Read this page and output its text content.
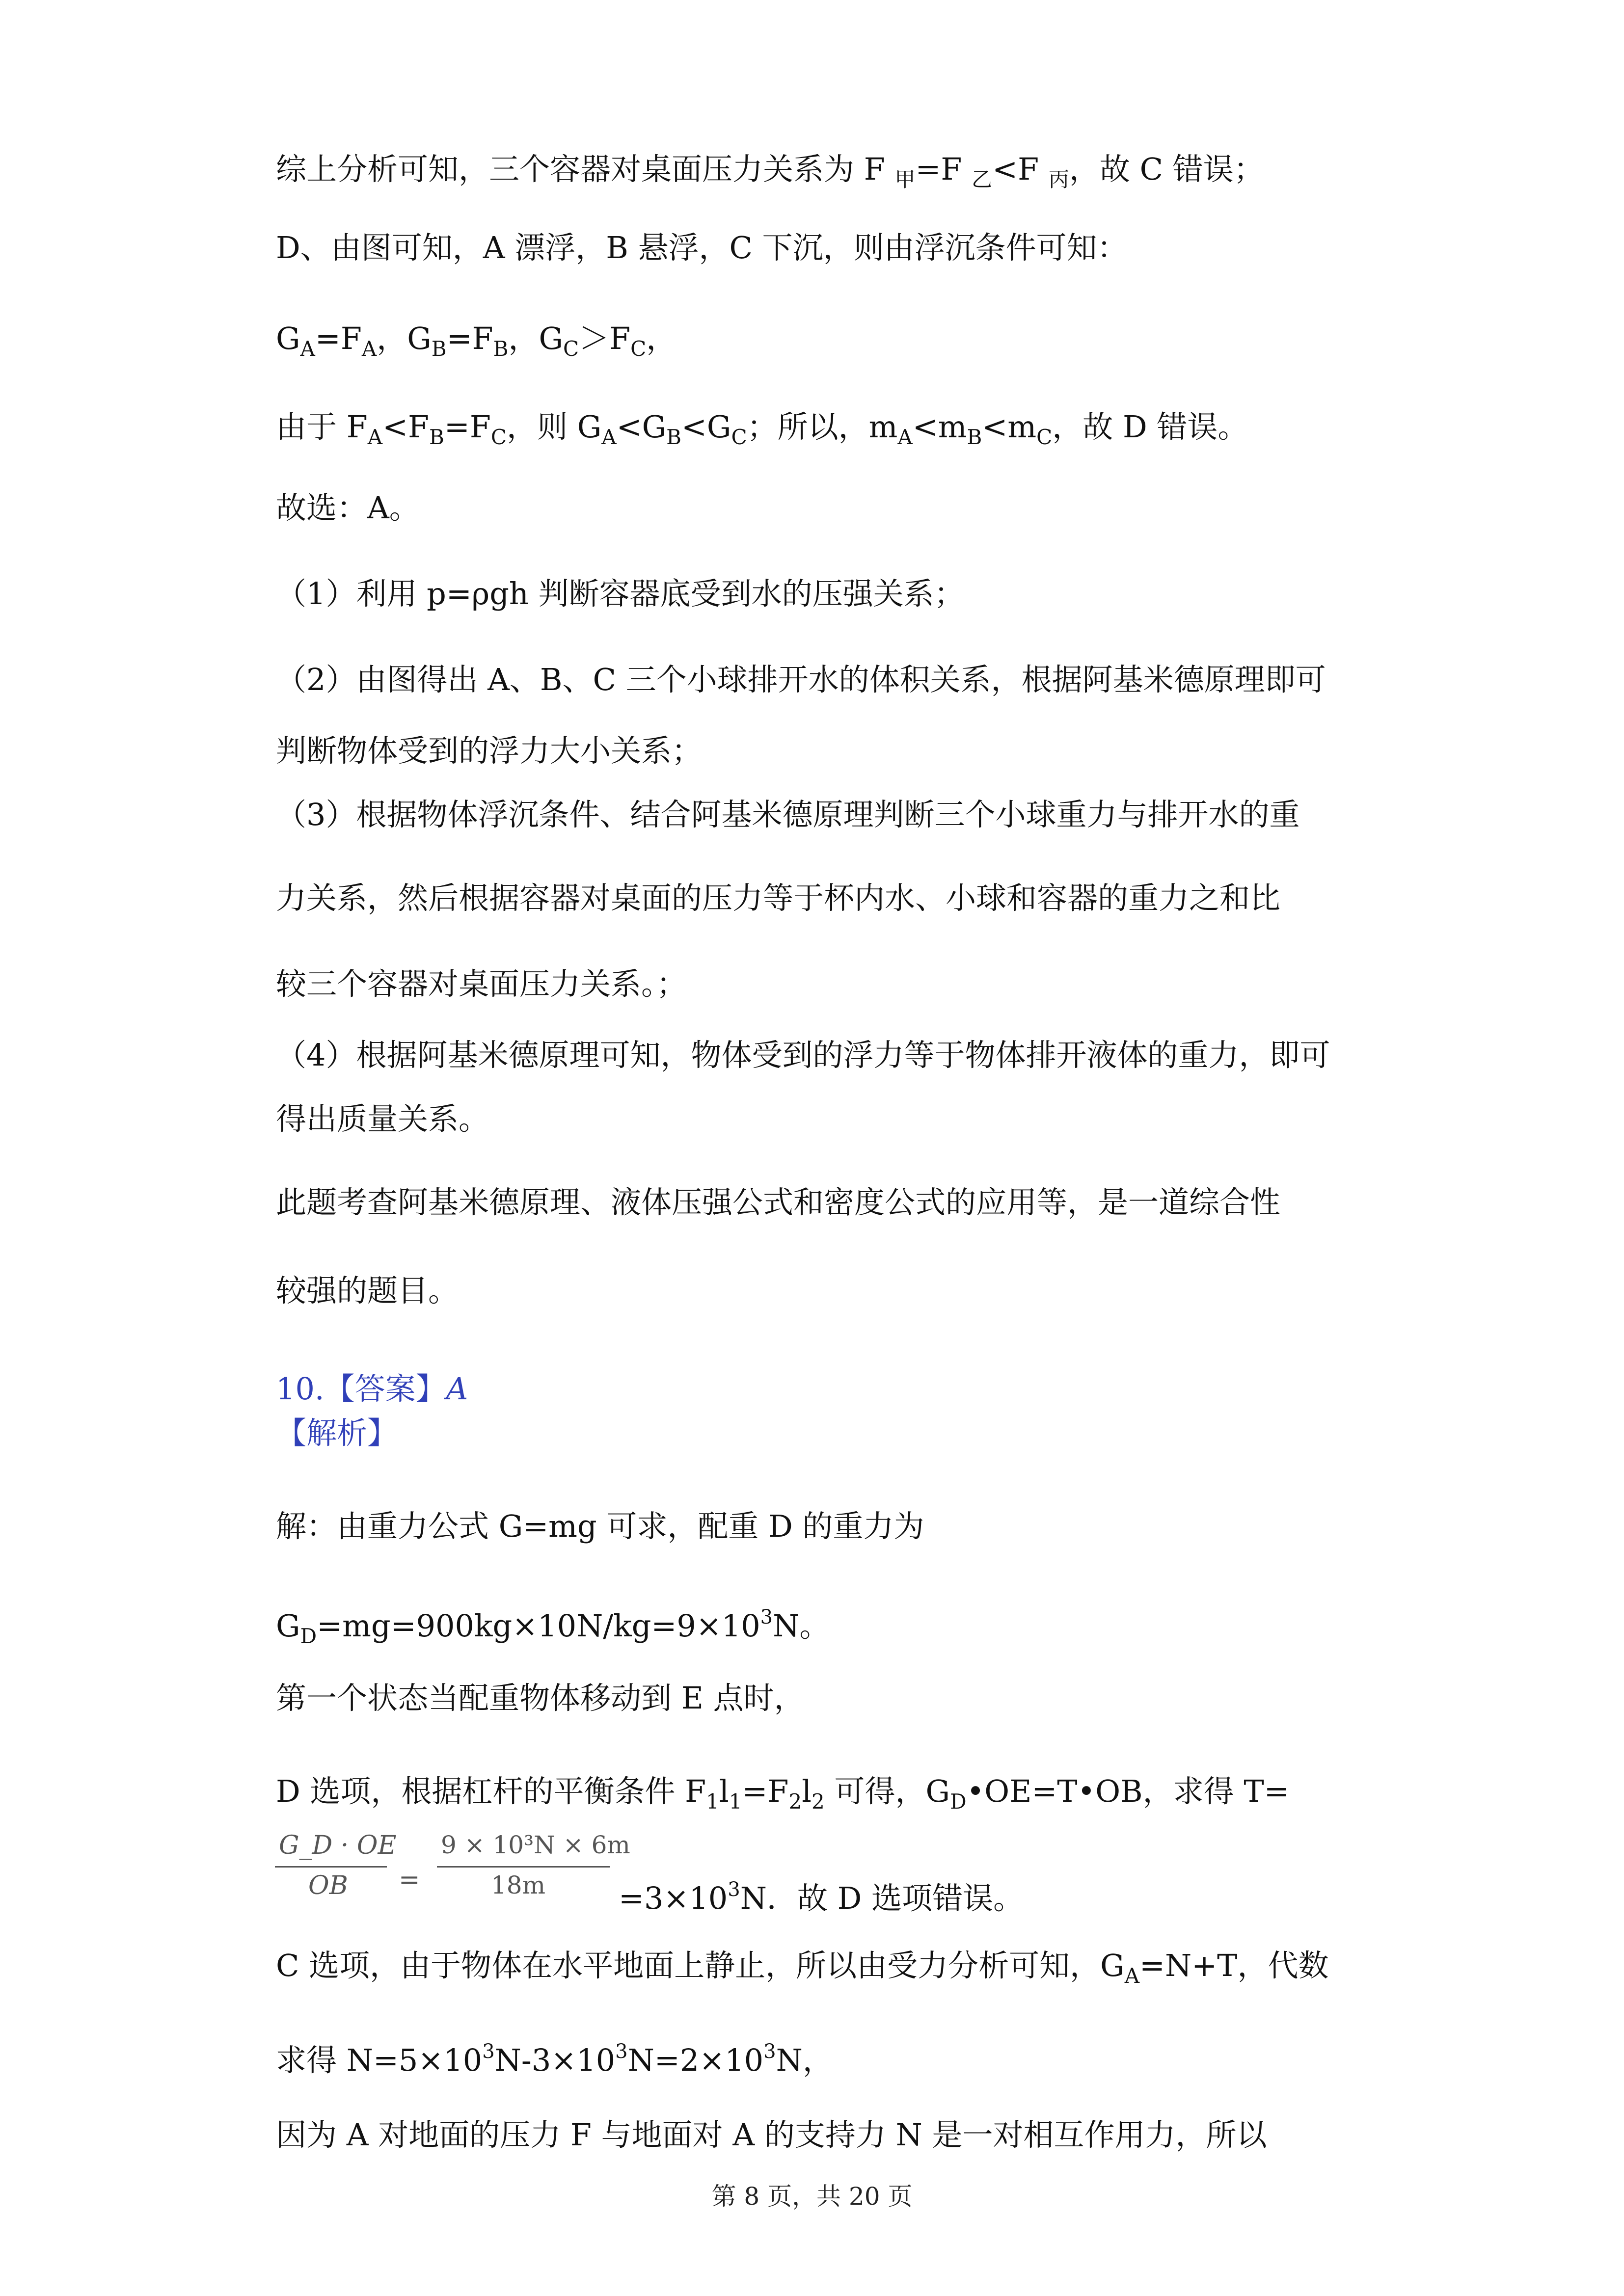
综上分析可知，三个容器对桌面压力关系为 F $_甲$=F $_乙$<F $_丙$，故 C 错误；
D、由图可知，A 漂浮，B 悬浮，C 下沉，则由浮沉条件可知：
$G_A=F_A$，$G_B=F_B$，$G_C>F_C$，
由于 $F_A<F_B=F_C$，则 $G_A<G_B<G_C$；所以，$m_A<m_B<m_C$，故 D 错误。
故选：A。
（1）利用 p=ρgh 判断容器底受到水的压强关系；
（2）由图得出 A、B、C 三个小球排开水的体积关系，根据阿基米德原理即可
判断物体受到的浮力大小关系；
（3）根据物体浮沉条件、结合阿基米德原理判断三个小球重力与排开水的重
力关系，然后根据容器对桌面的压力等于杯内水、小球和容器的重力之和比
较三个容器对桌面压力关系。；
（4）根据阿基米德原理可知，物体受到的浮力等于物体排开液体的重力，即可
得出质量关系。
此题考查阿基米德原理、液体压强公式和密度公式的应用等，是一道综合性
较强的题目。
10.【答案】A
【解析】
解：由重力公式 G=mg 可求，配重 D 的重力为
$G_D=mg=900kg\times 10N/kg=9\times 10^3N$。
第一个状态当配重物体移动到 E 点时，
D 选项，根据杠杆的平衡条件 $F_1l_1=F_2l_2$ 可得，$G_D•OE=T•OB$，求得 T=
G_D · OE
OB =
9 × 10³N × 6m
$18m =3\times 10^3N$．故 D 选项错误。
C 选项，由于物体在水平地面上静止，所以由受力分析可知，$G_A=N+T$，代数
求得 $N=5\times 10^3N-3\times 10^3N=2\times 10^3N$，
因为 A 对地面的压力 F 与地面对 A 的支持力 N 是一对相互作用力，所以
第 8 页，共 20 页
